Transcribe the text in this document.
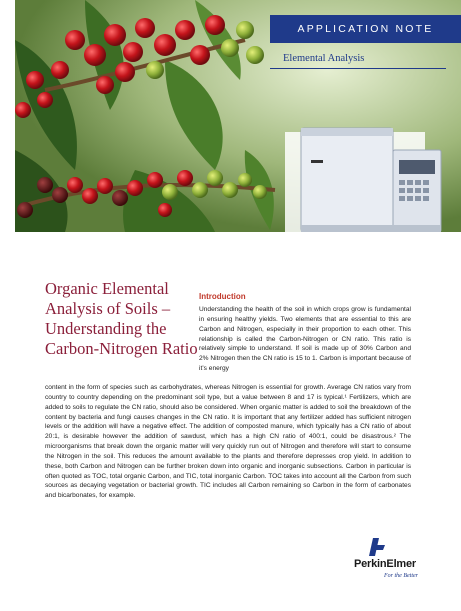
APPLICATION NOTE
Elemental Analysis
Organic Elemental
Analysis of Soils –
Understanding the
Carbon-Nitrogen Ratio
Introduction
Understanding the health of the soil in which crops grow is fundamental in ensuring healthy yields. Two elements that are essential to this are Carbon and Nitrogen, especially in their proportion to each other. This relationship is called the Carbon-Nitrogen or CN ratio. This ratio is relatively simple to understand. If soil is made up of 30% Carbon and 2% Nitrogen then the CN ratio is 15 to 1. Carbon is important because of it’s energy
content in the form of species such as carbohydrates, whereas Nitrogen is essential for growth. Average CN ratios vary from country to country depending on the predominant soil type, but a value between 8 and 17 is typical.¹ Fertilizers, which are added to soils to regulate the CN ratio, should also be considered. When organic matter is added to soil the breakdown of the content by bacteria and fungi causes changes in the CN ratio. It is important that any fertilizer added has sufficient nitrogen levels or the addition will have a negative effect. The addition of composted manure, which typically has a CN ratio of about 20:1, is desirable however the addition of sawdust, which has a high CN ratio of 400:1, could be disastrous.² The microorganisms that break down the organic matter will very quickly run out of Nitrogen and therefore will start to consume the Nitrogen in the soil. This reduces the amount available to the plants and therefore depresses crop yield. In addition to these, both Carbon and Nitrogen can be further broken down into organic and inorganic subsections. Carbon in particular is often quoted as TOC, total organic Carbon, and TIC, total inorganic Carbon. TOC takes into account all the Carbon from such sources as decaying vegetation or bacterial growth. TIC includes all Carbon remaining so Carbon in the form of carbonates and bicarbonates, for example.
PerkinElmer
For the Better
